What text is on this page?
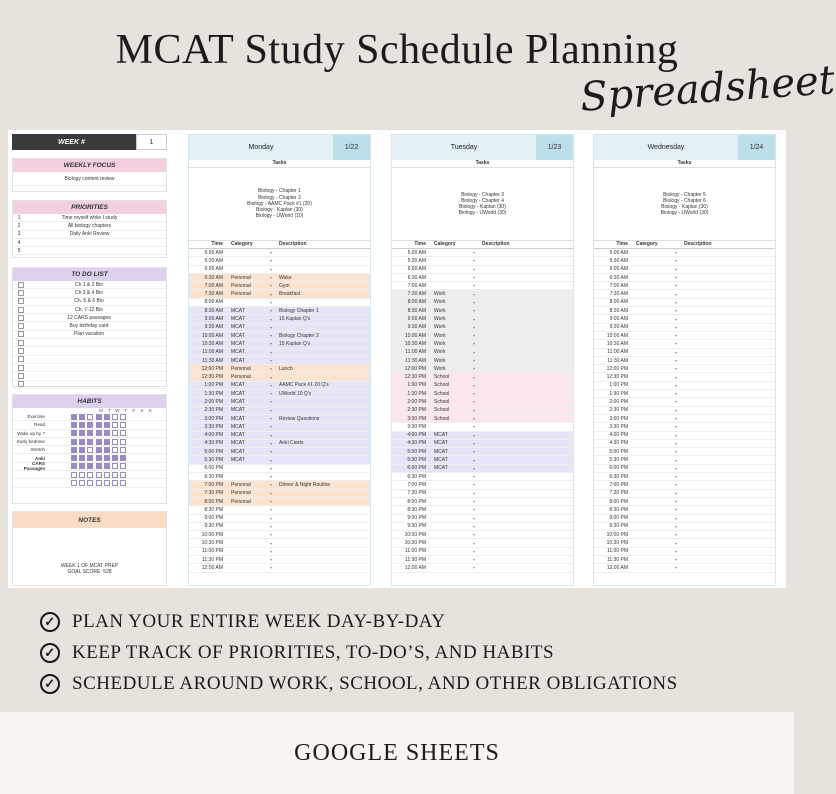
MCAT Study Schedule Planning
Spreadsheet
WEEK #	1
WEEKLY FOCUS
Biology content review
PRIORITIES
1	Time myself while I study
2	All biology chapters
3	Daily Anki Review
4
5
TO DO LIST
Ch 1 & 2 Bio
Ch 3 & 4 Bio
Ch. 5 & 6 Bio
Ch. 7-12 Bio
12 CARS passages
Buy birthday card
Plan vacation
HABITS
M	T	W	T	F	S	S
Exercise
Read
Wake up by 7
Early bedtime
Stretch
Anki
CARS Passages
NOTES
WEEK 1 OF MCAT PREP
GOAL SCORE: 528
Monday	1/22
Tasks
Biology - Chapter 1
Biology - Chapter 2
Biology - AAMC Pack #1 (20)
Biology - Kaplan (30)
Biology - UWorld (10)
Time	Category	Description
5:00 AM	▾
5:30 AM	▾
6:00 AM	▾
6:30 AM	Personal	▾	Wake
7:00 AM	Personal	▾	Gym
7:30 AM	Personal	▾	Breakfast
8:00 AM	▾
8:30 AM	MCAT	▾	Biology Chapter 1
9:00 AM	MCAT	▾	15 Kaplan Q's
9:30 AM	MCAT	▾
10:00 AM	MCAT	▾	Biology Chapter 2
10:30 AM	MCAT	▾	15 Kaplan Q's
11:00 AM	MCAT	▾
11:30 AM	MCAT	▾
12:00 PM	Personal	▾	Lunch
12:30 PM	Personal	▾
1:00 PM	MCAT	▾	AAMC Pack #1 20 Q's
1:30 PM	MCAT	▾	UWorld 10 Q's
2:00 PM	MCAT	▾
2:30 PM	MCAT	▾
3:00 PM	MCAT	▾	Review Questions
3:30 PM	MCAT	▾
4:00 PM	MCAT	▾
4:30 PM	MCAT	▾	Anki Cards
5:00 PM	MCAT	▾
5:30 PM	MCAT	▾
6:00 PM	▾
6:30 PM	▾
7:00 PM	Personal	▾	Dinner & Night Routine
7:30 PM	Personal	▾
8:00 PM	Personal	▾
8:30 PM	▾
9:00 PM	▾
9:30 PM	▾
10:00 PM	▾
10:30 PM	▾
11:00 PM	▾
11:30 PM	▾
12:00 AM	▾
Tuesday	1/23
Tasks
Biology - Chapter 3
Biology - Chapter 4
Biology - Kaplan (30)
Biology - UWorld (30)
Time	Category	Description
5:00 AM	▾
5:30 AM	▾
6:00 AM	▾
6:30 AM	▾
7:00 AM	▾
7:30 AM	Work	▾
8:00 AM	Work	▾
8:30 AM	Work	▾
9:00 AM	Work	▾
9:30 AM	Work	▾
10:00 AM	Work	▾
10:30 AM	Work	▾
11:00 AM	Work	▾
11:30 AM	Work	▾
12:00 PM	Work	▾
12:30 PM	School	▾
1:00 PM	School	▾
1:30 PM	School	▾
2:00 PM	School	▾
2:30 PM	School	▾
3:00 PM	School	▾
3:30 PM	▾
4:00 PM	MCAT	▾
4:30 PM	MCAT	▾
5:00 PM	MCAT	▾
5:30 PM	MCAT	▾
6:00 PM	MCAT	▾
6:30 PM	▾
7:00 PM	▾
7:30 PM	▾
8:00 PM	▾
8:30 PM	▾
9:00 PM	▾
9:30 PM	▾
10:00 PM	▾
10:30 PM	▾
11:00 PM	▾
11:30 PM	▾
12:00 AM	▾
Wednesday	1/24
Tasks
Biology - Chapter 5
Biology - Chapter 6
Biology - Kaplan (30)
Biology - UWorld (30)
Time	Category	Description
5:00 AM	▾
5:30 AM	▾
6:00 AM	▾
6:30 AM	▾
7:00 AM	▾
7:30 AM	▾
8:00 AM	▾
8:30 AM	▾
9:00 AM	▾
9:30 AM	▾
10:00 AM	▾
10:30 AM	▾
11:00 AM	▾
11:30 AM	▾
12:00 PM	▾
12:30 PM	▾
1:00 PM	▾
1:30 PM	▾
2:00 PM	▾
2:30 PM	▾
3:00 PM	▾
3:30 PM	▾
4:00 PM	▾
4:30 PM	▾
5:00 PM	▾
5:30 PM	▾
6:00 PM	▾
6:30 PM	▾
7:00 PM	▾
7:30 PM	▾
8:00 PM	▾
8:30 PM	▾
9:00 PM	▾
9:30 PM	▾
10:00 PM	▾
10:30 PM	▾
11:00 PM	▾
11:30 PM	▾
12:00 AM	▾
✓ PLAN YOUR ENTIRE WEEK DAY-BY-DAY
✓ KEEP TRACK OF PRIORITIES, TO-DO’S, AND HABITS
✓ SCHEDULE AROUND WORK, SCHOOL, AND OTHER OBLIGATIONS
GOOGLE SHEETS
